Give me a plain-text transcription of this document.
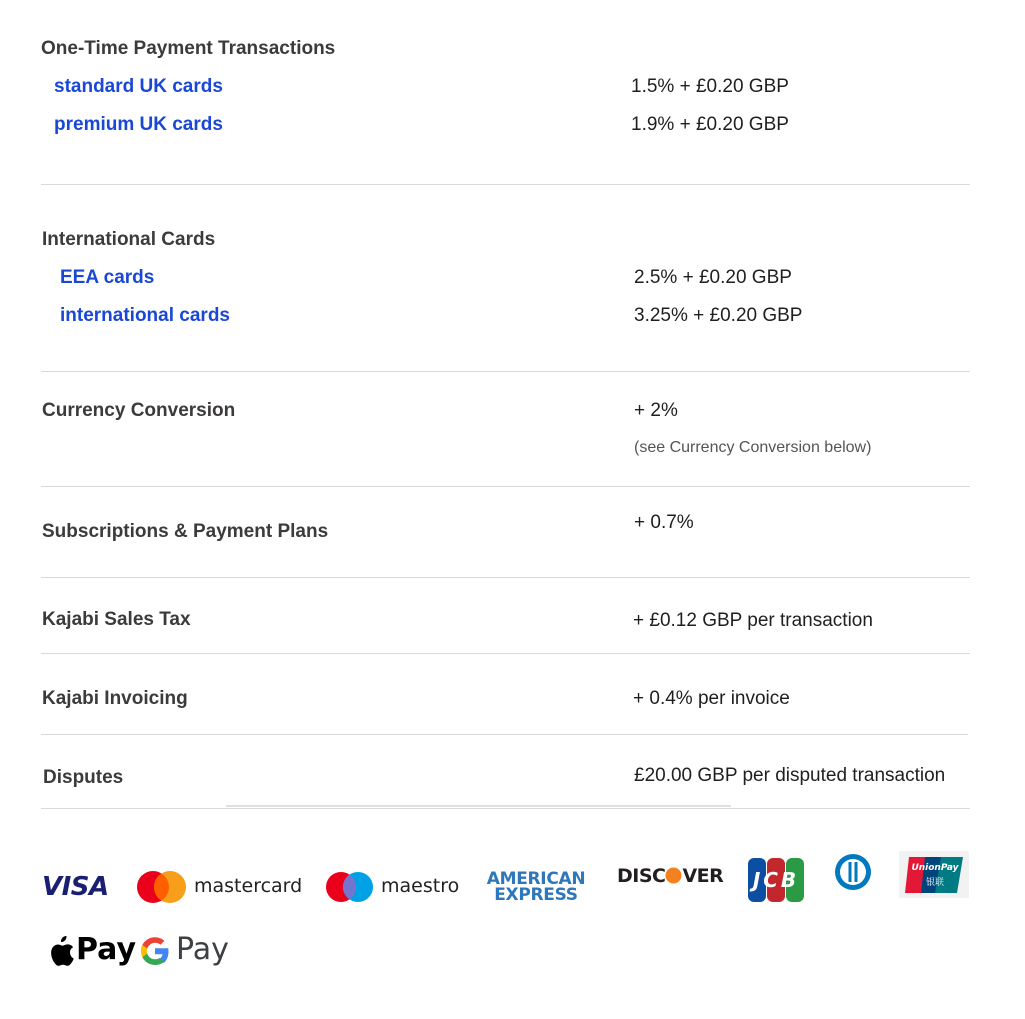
One-Time Payment Transactions
standard UK cards	1.5% + £0.20 GBP
premium UK cards	1.9% + £0.20 GBP
International Cards
EEA cards	2.5% + £0.20 GBP
international cards	3.25% + £0.20 GBP
Currency Conversion	+ 2%
(see Currency Conversion below)
Subscriptions & Payment Plans	+ 0.7%
Kajabi Sales Tax	+ £0.12 GBP per transaction
Kajabi Invoicing	+ 0.4% per invoice
Disputes	£20.00 GBP per disputed transaction
VISA	mastercard	maestro AMERICAN
EXPRESS
DISC VER JCB	UnionPay
银联
Pay Pay
